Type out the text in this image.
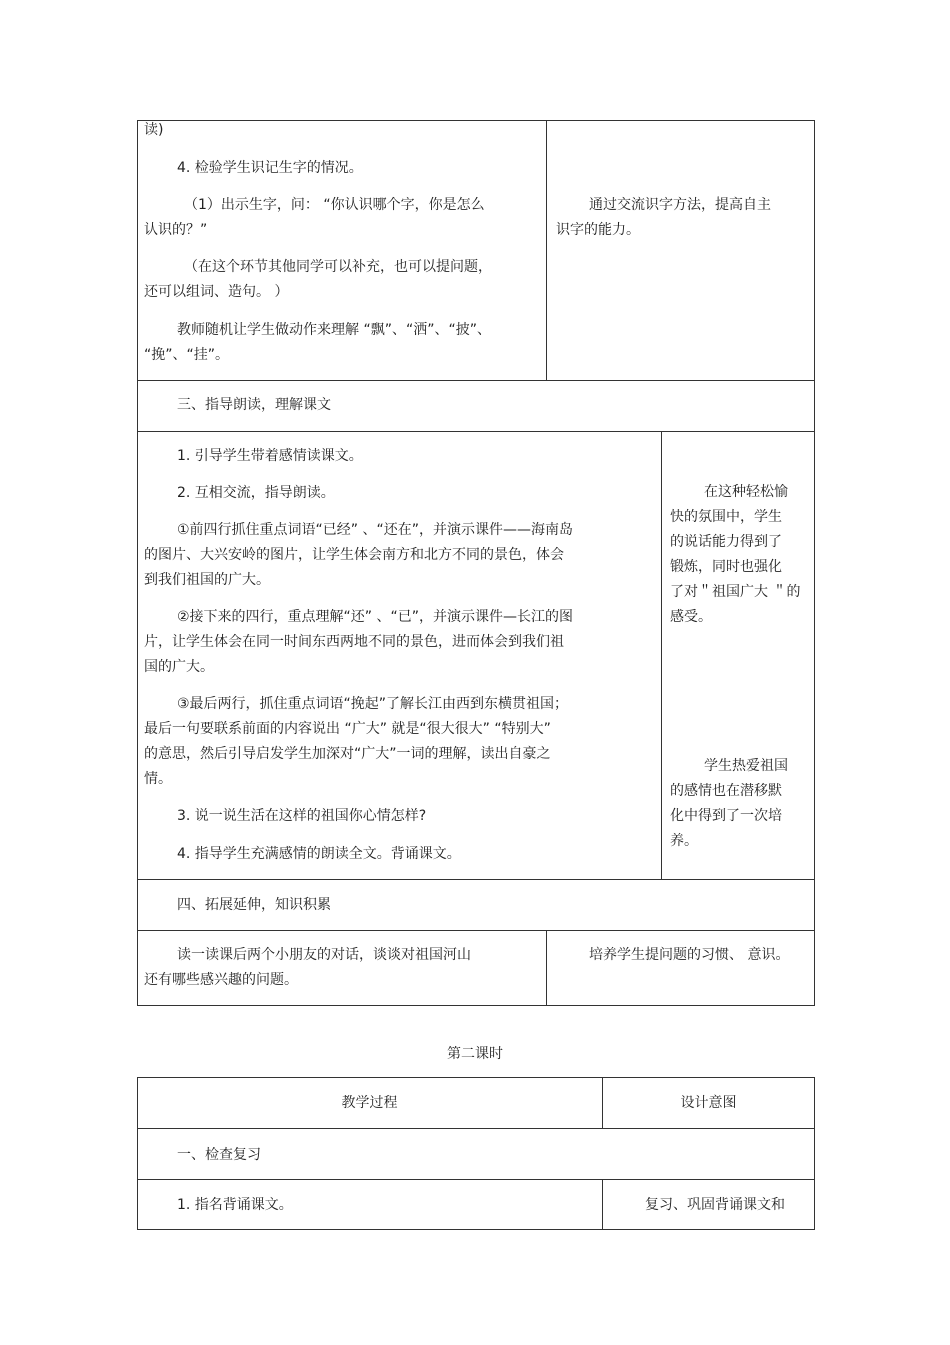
读)
4. 检验学生识记生字的情况。
（1）出示生字，问： “你认识哪个字，你是怎么
认识的？”
（在这个环节其他同学可以补充，也可以提问题，
还可以组词、造句。 ）
教师随机让学生做动作来理解 “飘”、“洒”、“披”、
“挽”、“挂”。
通过交流识字方法，提高自主
识字的能力。
三、指导朗读，理解课文
1. 引导学生带着感情读课文。
2. 互相交流，指导朗读。
①前四行抓住重点词语“已经” 、“还在”，并演示课件——海南岛
的图片、大兴安岭的图片，让学生体会南方和北方不同的景色，体会
到我们祖国的广大。
②接下来的四行，重点理解“还” 、“已”，并演示课件—长江的图
片，让学生体会在同一时间东西两地不同的景色，进而体会到我们祖
国的广大。
③最后两行，抓住重点词语“挽起”了解长江由西到东横贯祖国；
最后一句要联系前面的内容说出 “广大” 就是“很大很大” “特别大”
的意思，然后引导启发学生加深对“广大”一词的理解，读出自豪之
情。
3. 说一说生活在这样的祖国你心情怎样?
4. 指导学生充满感情的朗读全文。背诵课文。
在这种轻松愉
快的氛围中，学生
的说话能力得到了
锻炼，同时也强化
了对＂祖国广大 ＂的
感受。
学生热爱祖国
的感情也在潜移默
化中得到了一次培
养。
四、拓展延伸，知识积累
读一读课后两个小朋友的对话，谈谈对祖国河山
还有哪些感兴趣的问题。
培养学生提问题的习惯、 意识。
第二课时
教学过程	设计意图
一、检查复习
1. 指名背诵课文。	复习、巩固背诵课文和
